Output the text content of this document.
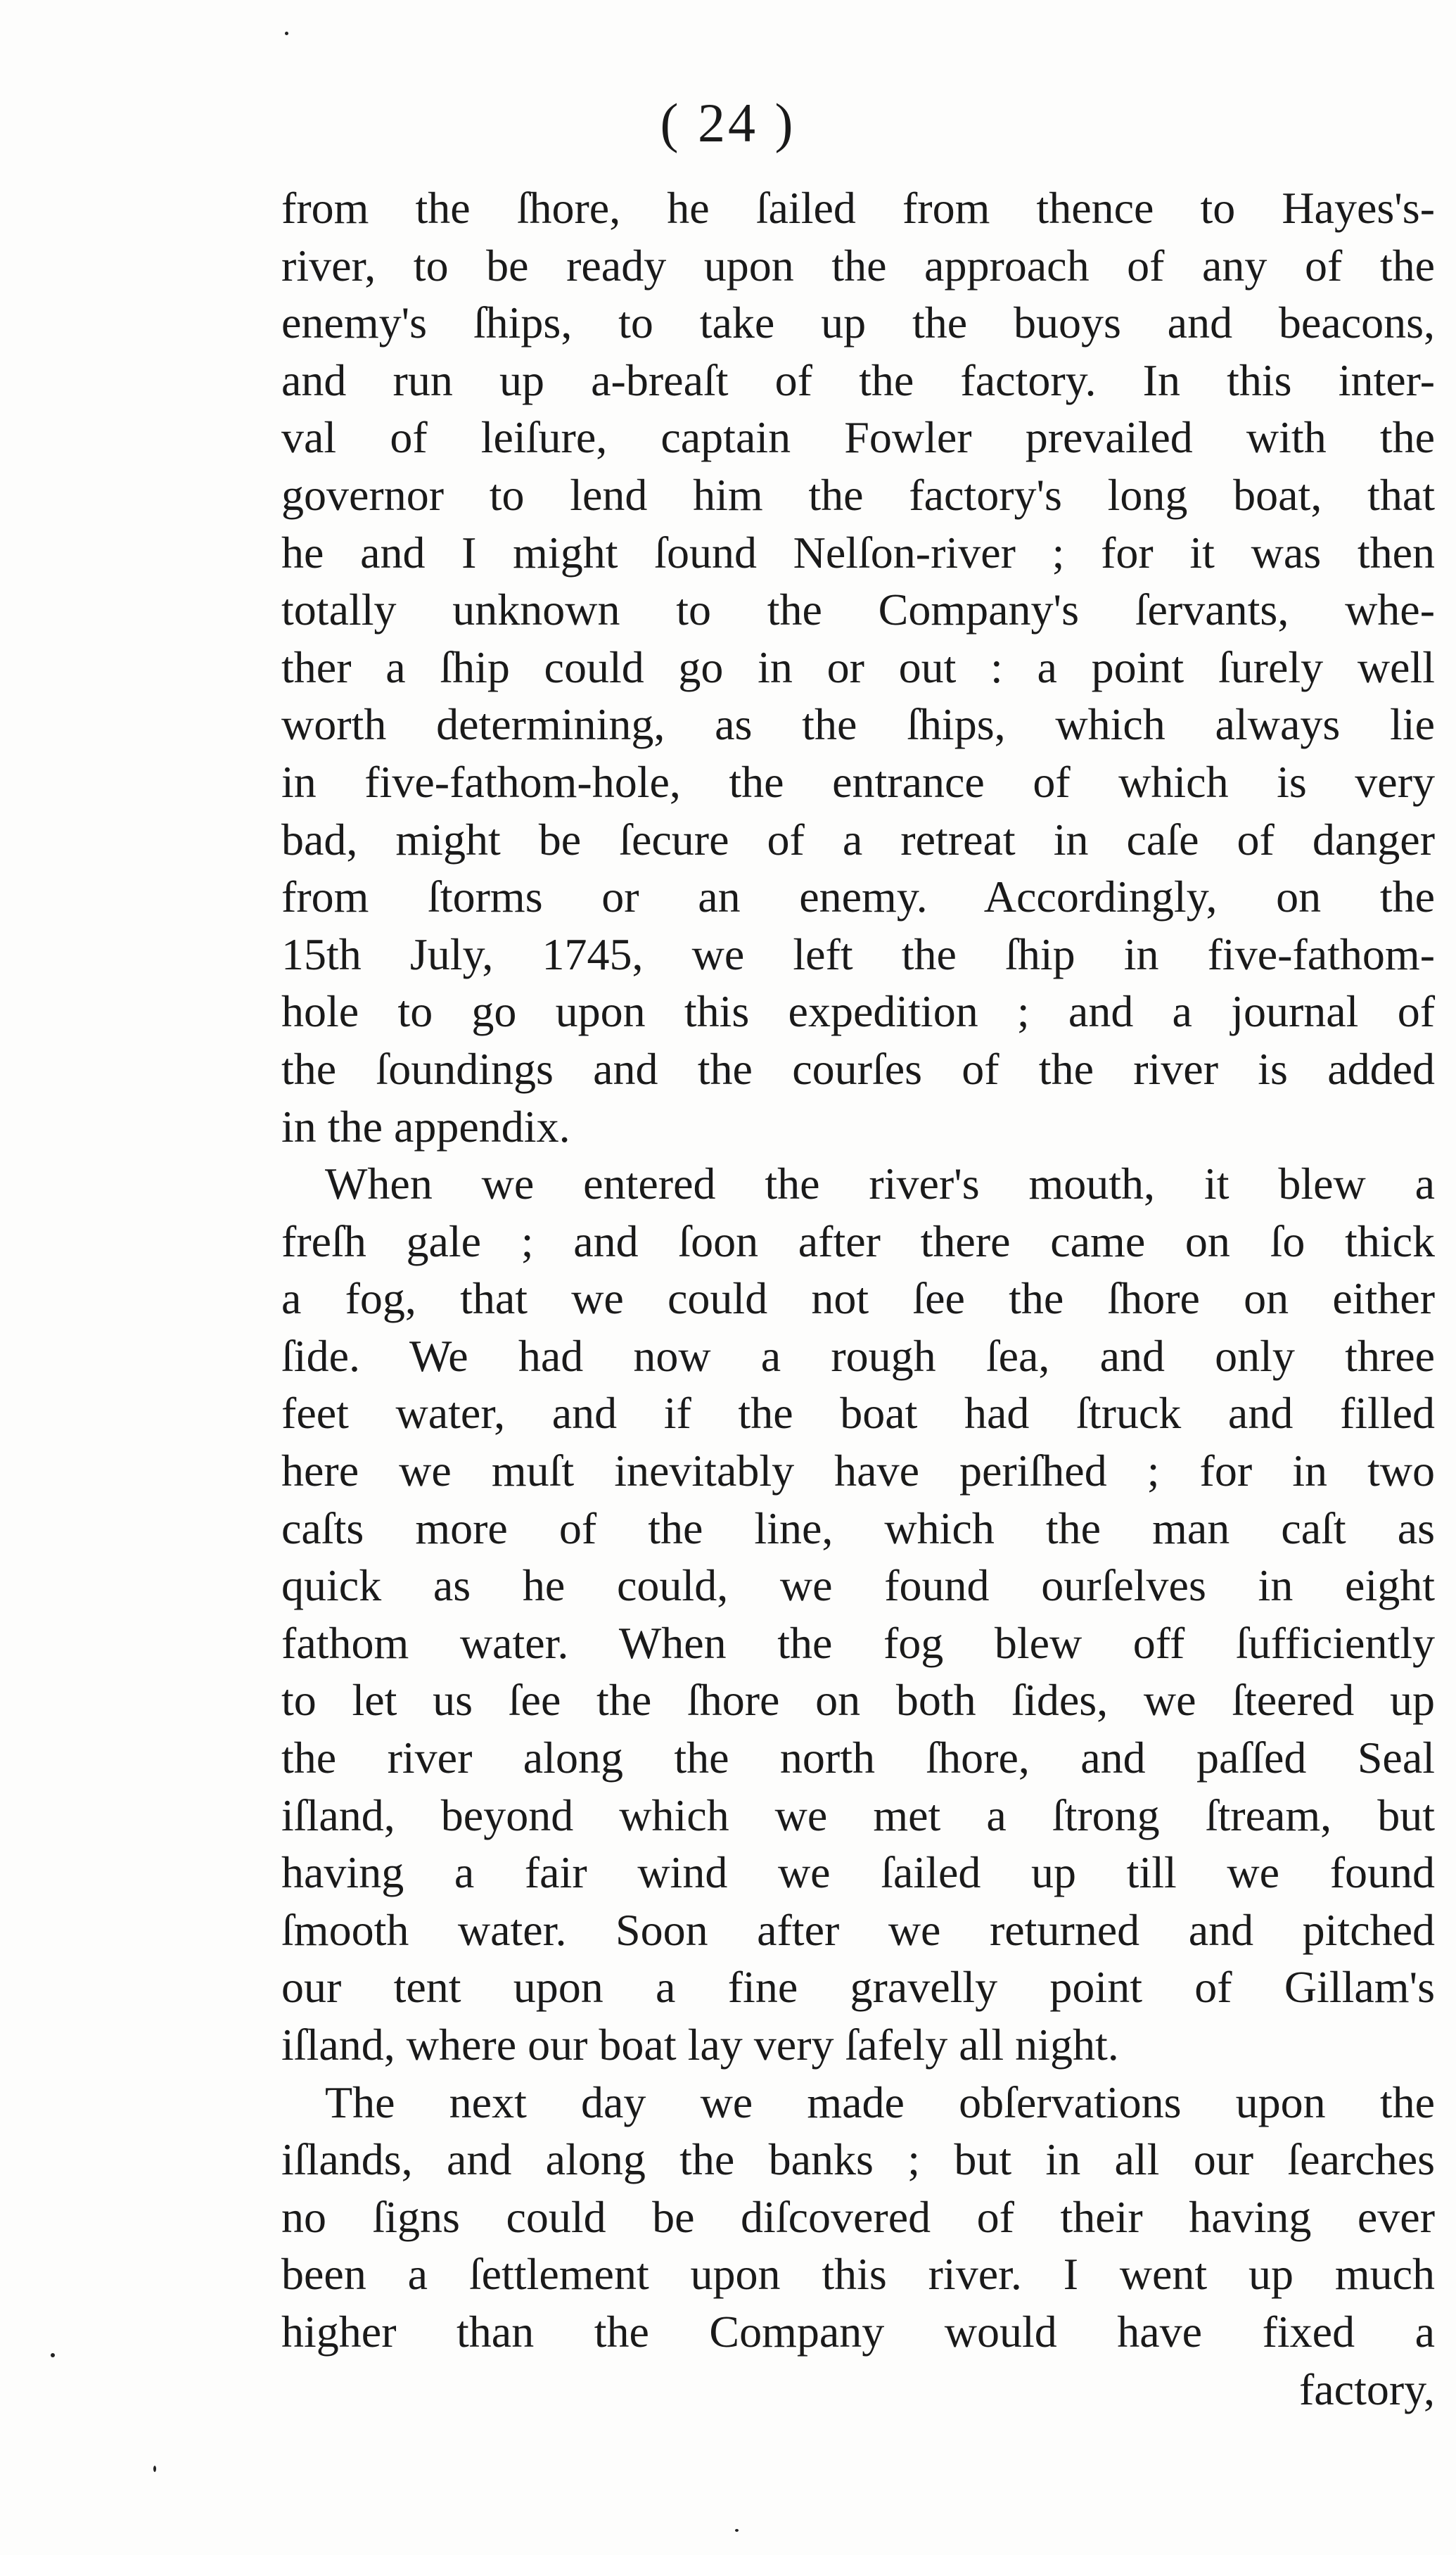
( 24 )
from the ſhore, he ſailed from thence to Hayes's-
river, to be ready upon the approach of any of the
enemy's ſhips, to take up the buoys and beacons,
and run up a-breaſt of the factory. In this inter-
val of leiſure, captain Fowler prevailed with the
governor to lend him the factory's long boat, that
he and I might ſound Nelſon-river ; for it was then
totally unknown to the Company's ſervants, whe-
ther a ſhip could go in or out : a point ſurely well
worth determining, as the ſhips, which always lie
in five-fathom-hole, the entrance of which is very
bad, might be ſecure of a retreat in caſe of danger
from ſtorms or an enemy. Accordingly, on the
15th July, 1745, we left the ſhip in five-fathom-
hole to go upon this expedition ; and a journal of
the ſoundings and the courſes of the river is added
in the appendix.
When we entered the river's mouth, it blew a
freſh gale ; and ſoon after there came on ſo thick
a fog, that we could not ſee the ſhore on either
ſide. We had now a rough ſea, and only three
feet water, and if the boat had ſtruck and filled
here we muſt inevitably have periſhed ; for in two
caſts more of the line, which the man caſt as
quick as he could, we found ourſelves in eight
fathom water. When the fog blew off ſufficiently
to let us ſee the ſhore on both ſides, we ſteered up
the river along the north ſhore, and paſſed Seal
iſland, beyond which we met a ſtrong ſtream, but
having a fair wind we ſailed up till we found
ſmooth water. Soon after we returned and pitched
our tent upon a fine gravelly point of Gillam's
iſland, where our boat lay very ſafely all night.
The next day we made obſervations upon the
iſlands, and along the banks ; but in all our ſearches
no ſigns could be diſcovered of their having ever
been a ſettlement upon this river. I went up much
higher than the Company would have fixed a
factory,
